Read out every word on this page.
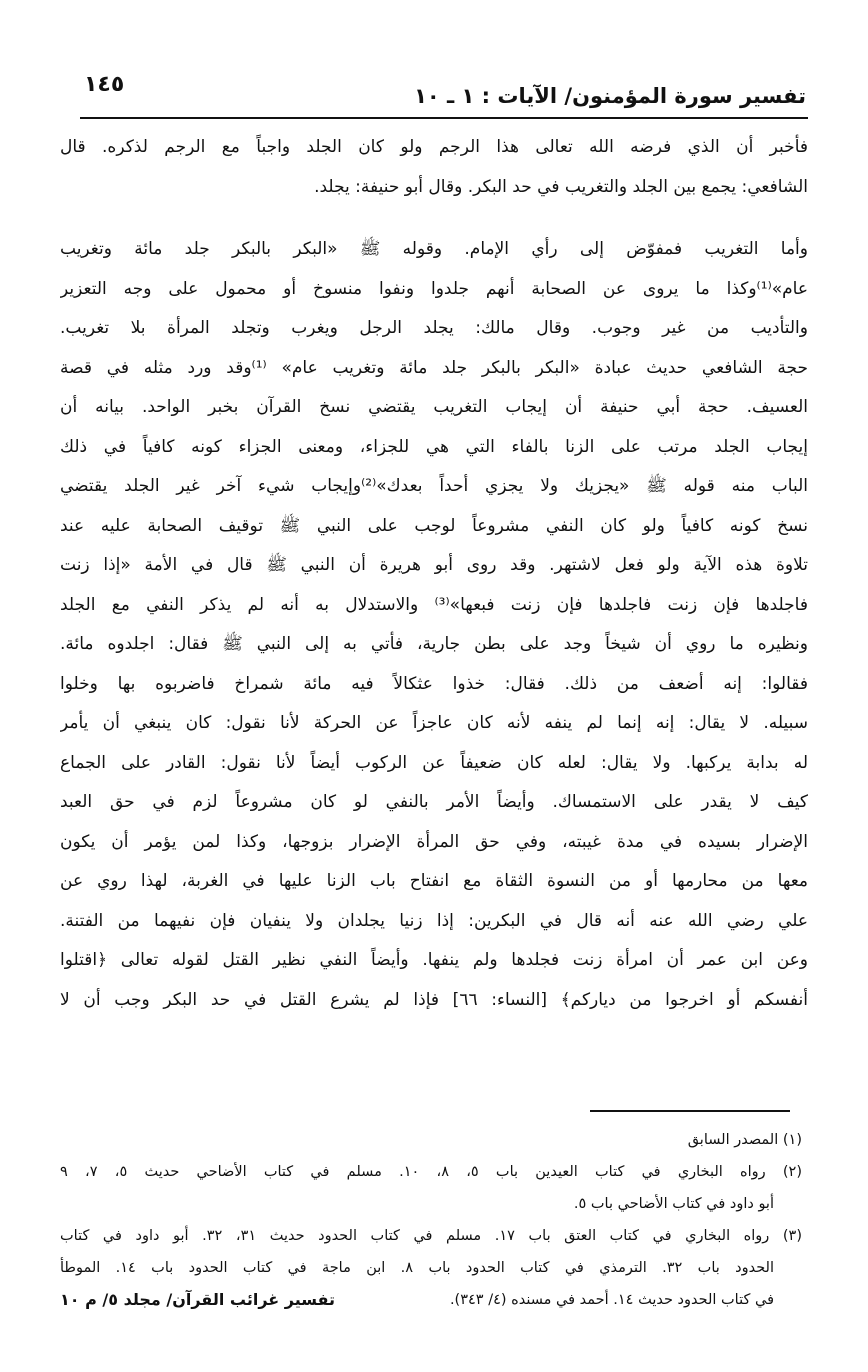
تفسير سورة المؤمنون/ الآيات : ١ ـ ١٠
١٤٥
فأخبر أن الذي فرضه الله تعالى هذا الرجم ولو كان الجلد واجباً مع الرجم لذكره. قال
الشافعي: يجمع بين الجلد والتغريب في حد البكر. وقال أبو حنيفة: يجلد.
وأما التغريب فمفوّض إلى رأي الإمام. وقوله ﷺ «البكر بالبكر جلد مائة وتغريب
عام»⁽¹⁾وكذا ما يروى عن الصحابة أنهم جلدوا ونفوا منسوخ أو محمول على وجه التعزير
والتأديب من غير وجوب. وقال مالك: يجلد الرجل ويغرب وتجلد المرأة بلا تغريب.
حجة الشافعي حديث عبادة «البكر بالبكر جلد مائة وتغريب عام» ⁽¹⁾وقد ورد مثله في قصة
العسيف. حجة أبي حنيفة أن إيجاب التغريب يقتضي نسخ القرآن بخبر الواحد. بيانه أن
إيجاب الجلد مرتب على الزنا بالفاء التي هي للجزاء، ومعنى الجزاء كونه كافياً في ذلك
الباب منه قوله ﷺ «يجزيك ولا يجزي أحداً بعدك»⁽²⁾وإيجاب شيء آخر غير الجلد يقتضي
نسخ كونه كافياً ولو كان النفي مشروعاً لوجب على النبي ﷺ توقيف الصحابة عليه عند
تلاوة هذه الآية ولو فعل لاشتهر. وقد روى أبو هريرة أن النبي ﷺ قال في الأمة «إذا زنت
فاجلدها فإن زنت فاجلدها فإن زنت فبعها»⁽³⁾ والاستدلال به أنه لم يذكر النفي مع الجلد
ونظيره ما روي أن شيخاً وجد على بطن جارية، فأتي به إلى النبي ﷺ فقال: اجلدوه مائة.
فقالوا: إنه أضعف من ذلك. فقال: خذوا عثكالاً فيه مائة شمراخ فاضربوه بها وخلوا
سبيله. لا يقال: إنه إنما لم ينفه لأنه كان عاجزاً عن الحركة لأنا نقول: كان ينبغي أن يأمر
له بدابة يركبها. ولا يقال: لعله كان ضعيفاً عن الركوب أيضاً لأنا نقول: القادر على الجماع
كيف لا يقدر على الاستمساك. وأيضاً الأمر بالنفي لو كان مشروعاً لزم في حق العبد
الإضرار بسيده في مدة غيبته، وفي حق المرأة الإضرار بزوجها، وكذا لمن يؤمر أن يكون
معها من محارمها أو من النسوة الثقاة مع انفتاح باب الزنا عليها في الغربة، لهذا روي عن
علي رضي الله عنه أنه قال في البكرين: إذا زنيا يجلدان ولا ينفيان فإن نفيهما من الفتنة.
وعن ابن عمر أن امرأة زنت فجلدها ولم ينفها. وأيضاً النفي نظير القتل لقوله تعالى ﴿اقتلوا
أنفسكم أو اخرجوا من دياركم﴾ [النساء: ٦٦] فإذا لم يشرع القتل في حد البكر وجب أن لا
(١) المصدر السابق
(٢) رواه البخاري في كتاب العيدين باب ٥، ٨، ١٠. مسلم في كتاب الأضاحي حديث ٥، ٧، ٩
أبو داود في كتاب الأضاحي باب ٥.
(٣) رواه البخاري في كتاب العتق باب ١٧. مسلم في كتاب الحدود حديث ٣١، ٣٢. أبو داود في كتاب
الحدود باب ٣٢. الترمذي في كتاب الحدود باب ٨. ابن ماجة في كتاب الحدود باب ١٤. الموطأ
في كتاب الحدود حديث ١٤. أحمد في مسنده (٤/ ٣٤٣).
تفسير غرائب القرآن/ مجلد ٥/ م ١٠
